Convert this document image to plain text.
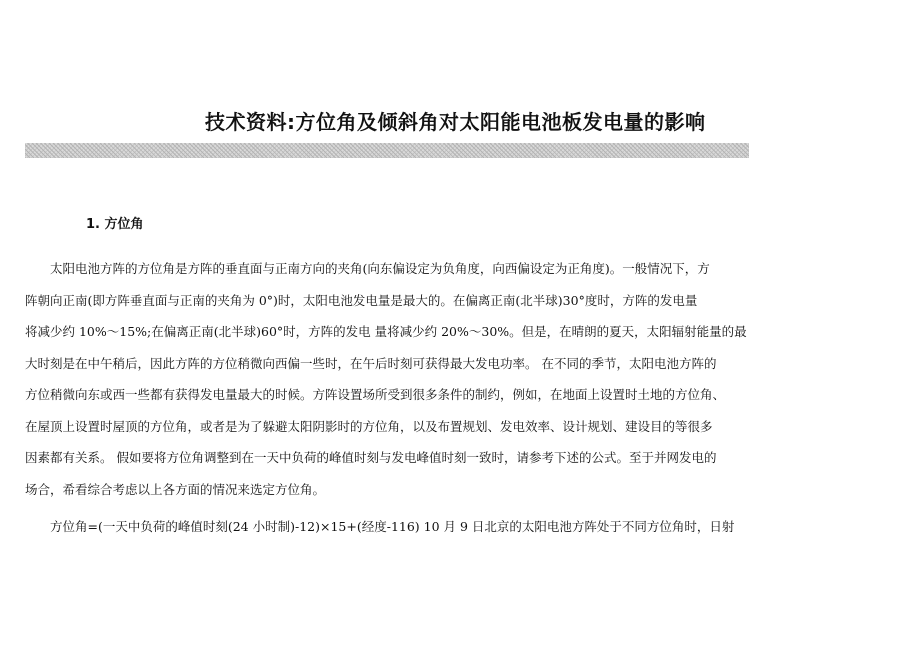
技术资料:方位角及倾斜角对太阳能电池板发电量的影响
1. 方位角
太阳电池方阵的方位角是方阵的垂直面与正南方向的夹角(向东偏设定为负角度，向西偏设定为正角度)。一般情况下，方
阵朝向正南(即方阵垂直面与正南的夹角为 0°)时，太阳电池发电量是最大的。在偏离正南(北半球)30°度时，方阵的发电量
将减少约 10%～15%;在偏离正南(北半球)60°时，方阵的发电 量将减少约 20%～30%。但是，在晴朗的夏天，太阳辐射能量的最
大时刻是在中午稍后，因此方阵的方位稍微向西偏一些时，在午后时刻可获得最大发电功率。 在不同的季节，太阳电池方阵的
方位稍微向东或西一些都有获得发电量最大的时候。方阵设置场所受到很多条件的制约，例如，在地面上设置时土地的方位角、
在屋顶上设置时屋顶的方位角，或者是为了躲避太阳阴影时的方位角，以及布置规划、发电效率、设计规划、建设目的等很多
因素都有关系。 假如要将方位角调整到在一天中负荷的峰值时刻与发电峰值时刻一致时，请参考下述的公式。至于并网发电的
场合，希看综合考虑以上各方面的情况来选定方位角。
方位角=(一天中负荷的峰值时刻(24 小时制)-12)×15+(经度-116) 10 月 9 日北京的太阳电池方阵处于不同方位角时，日射
